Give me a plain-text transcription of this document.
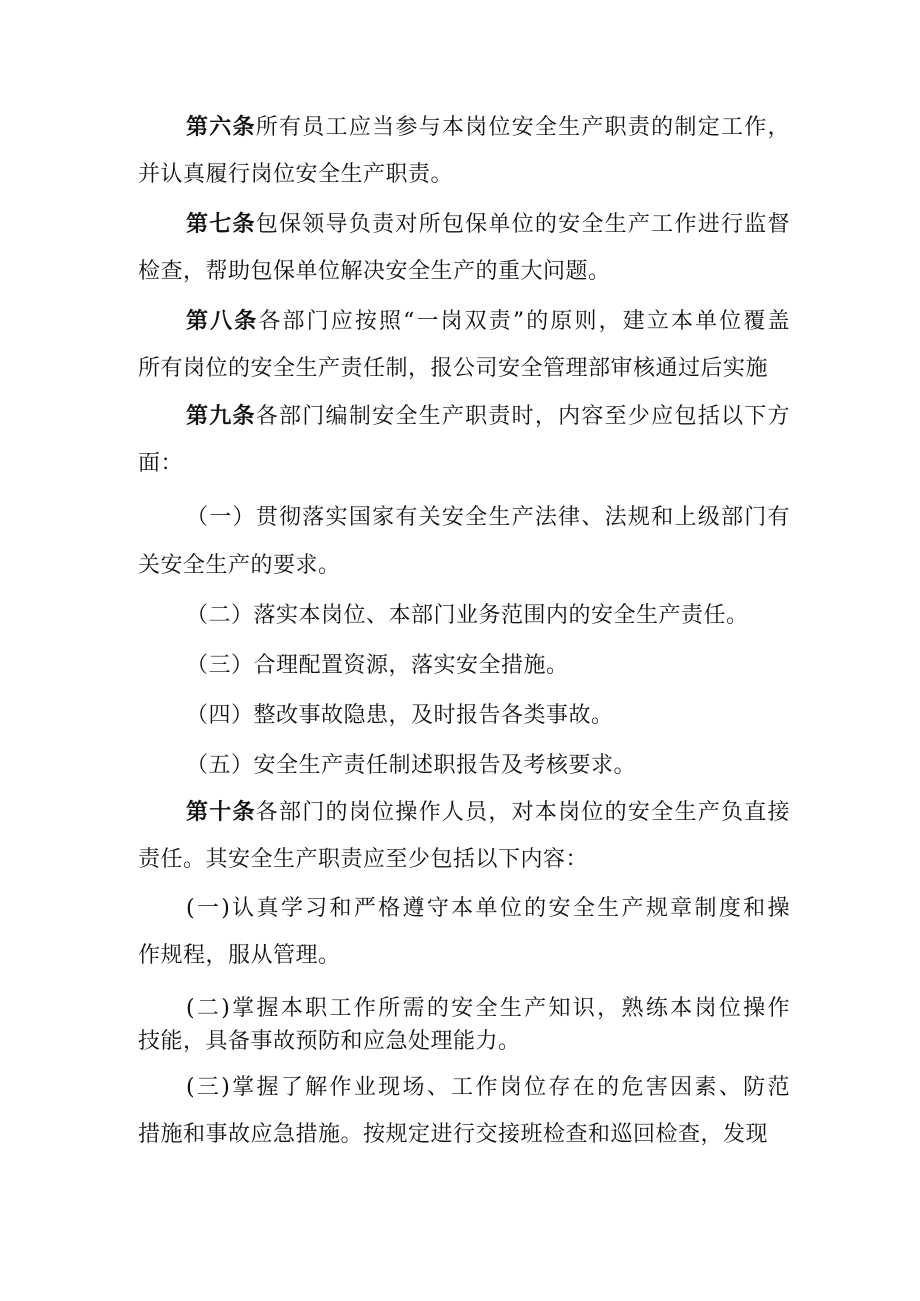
第六条所有员工应当参与本岗位安全生产职责的制定工作，
并认真履行岗位安全生产职责。
第七条包保领导负责对所包保单位的安全生产工作进行监督
检查，帮助包保单位解决安全生产的重大问题。
第八条各部门应按照“一岗双责”的原则，建立本单位覆盖
所有岗位的安全生产责任制，报公司安全管理部审核通过后实施
第九条各部门编制安全生产职责时，内容至少应包括以下方
面：
（一）贯彻落实国家有关安全生产法律、法规和上级部门有
关安全生产的要求。
（二）落实本岗位、本部门业务范围内的安全生产责任。
（三）合理配置资源，落实安全措施。
（四）整改事故隐患，及时报告各类事故。
（五）安全生产责任制述职报告及考核要求。
第十条各部门的岗位操作人员，对本岗位的安全生产负直接
责任。其安全生产职责应至少包括以下内容：
(一)认真学习和严格遵守本单位的安全生产规章制度和操
作规程，服从管理。
(二)掌握本职工作所需的安全生产知识，熟练本岗位操作
技能，具备事故预防和应急处理能力。
(三)掌握了解作业现场、工作岗位存在的危害因素、防范
措施和事故应急措施。按规定进行交接班检查和巡回检查，发现
